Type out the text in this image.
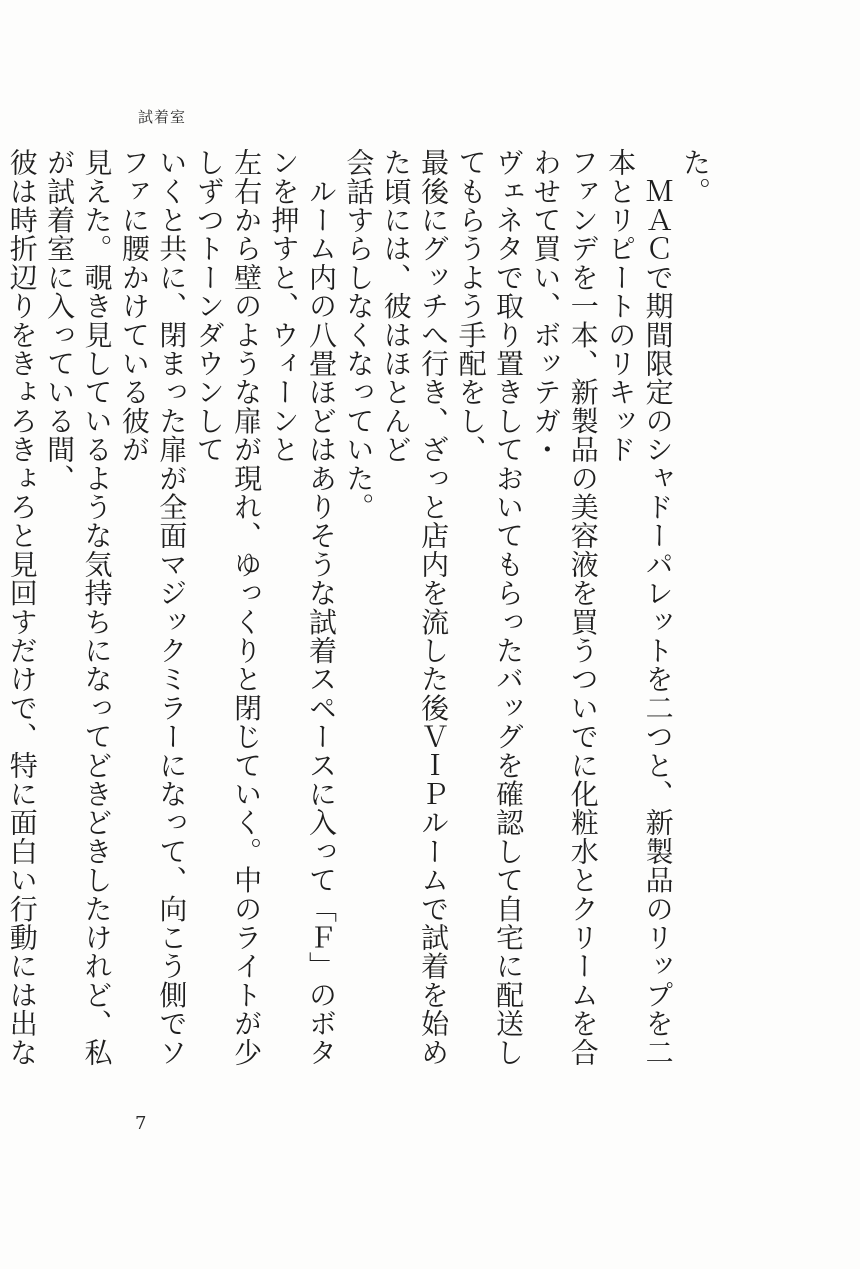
試着室

た。

　ＭＡＣで期間限定のシャドーパレットを二つと、新製品のリップを二本とリピートのリキッド

ファンデを一本、新製品の美容液を買うついでに化粧水とクリームを合わせて買い、ボッテガ・

ヴェネタで取り置きしておいてもらったバッグを確認して自宅に配送してもらうよう手配をし、

最後にグッチへ行き、ざっと店内を流した後ＶＩＰルームで試着を始めた頃には、彼はほとんど

会話すらしなくなっていた。

　ルーム内の八畳ほどはありそうな試着スペースに入って「Ｆ」のボタンを押すと、ウィーンと

左右から壁のような扉が現れ、ゆっくりと閉じていく。中のライトが少しずつトーンダウンして

いくと共に、閉まった扉が全面マジックミラーになって、向こう側でソファに腰かけている彼が

見えた。覗き見しているような気持ちになってどきどきしたけれど、私が試着室に入っている間、

彼は時折辺りをきょろきょろと見回すだけで、特に面白い行動には出な

7
